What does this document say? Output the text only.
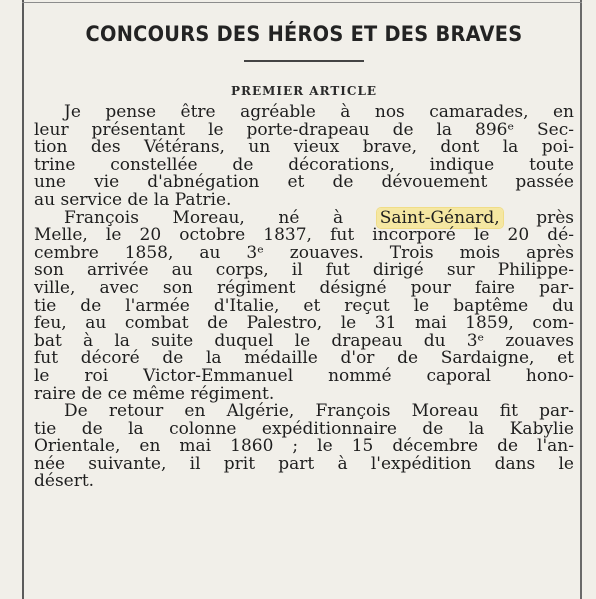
CONCOURS DES HÉROS ET DES BRAVES
PREMIER ARTICLE
Je pense être agréable à nos camarades, en
leur présentant le porte-drapeau de la 896ᵉ Sec-
tion des Vétérans, un vieux brave, dont la poi-
trine constellée de décorations, indique toute
une vie d'abnégation et de dévouement passée
au service de la Patrie.
François Moreau, né à Saint-Génard, près
Melle, le 20 octobre 1837, fut incorporé le 20 dé-
cembre 1858, au 3ᵉ zouaves. Trois mois après
son arrivée au corps, il fut dirigé sur Philippe-
ville, avec son régiment désigné pour faire par-
tie de l'armée d'Italie, et reçut le baptême du
feu, au combat de Palestro, le 31 mai 1859, com-
bat à la suite duquel le drapeau du 3ᵉ zouaves
fut décoré de la médaille d'or de Sardaigne, et
le roi Victor-Emmanuel nommé caporal hono-
raire de ce même régiment.
De retour en Algérie, François Moreau fit par-
tie de la colonne expéditionnaire de la Kabylie
Orientale, en mai 1860 ; le 15 décembre de l'an-
née suivante, il prit part à l'expédition dans le
désert.
